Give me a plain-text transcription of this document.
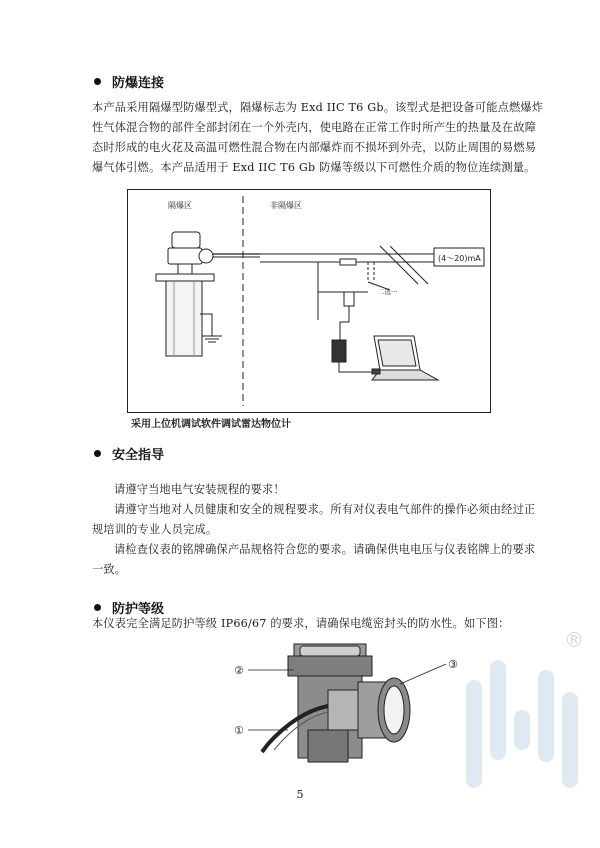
防爆连接
本产品采用隔爆型防爆型式，隔爆标志为 Exd IIC T6 Gb。该型式是把设备可能点燃爆炸
性气体混合物的部件全部封闭在一个外壳内，使电路在正常工作时所产生的热量及在故障
态时形成的电火花及高温可燃性混合物在内部爆炸而不损坏到外壳，以防止周围的易燃易
爆气体引燃。本产品适用于 Exd IIC T6 Gb 防爆等级以下可燃性介质的物位连续测量。
隔爆区	非隔爆区
二选一
(4～20)mA
采用上位机调试软件调试雷达物位计
安全指导
请遵守当地电气安装规程的要求！
请遵守当地对人员健康和安全的规程要求。所有对仪表电气部件的操作必须由经过正
规培训的专业人员完成。
请检查仪表的铭牌确保产品规格符合您的要求。请确保供电电压与仪表铭牌上的要求
一致。
防护等级
本仪表完全满足防护等级 IP66/67 的要求，请确保电缆密封头的防水性。如下图：
®
②
①
③
5
